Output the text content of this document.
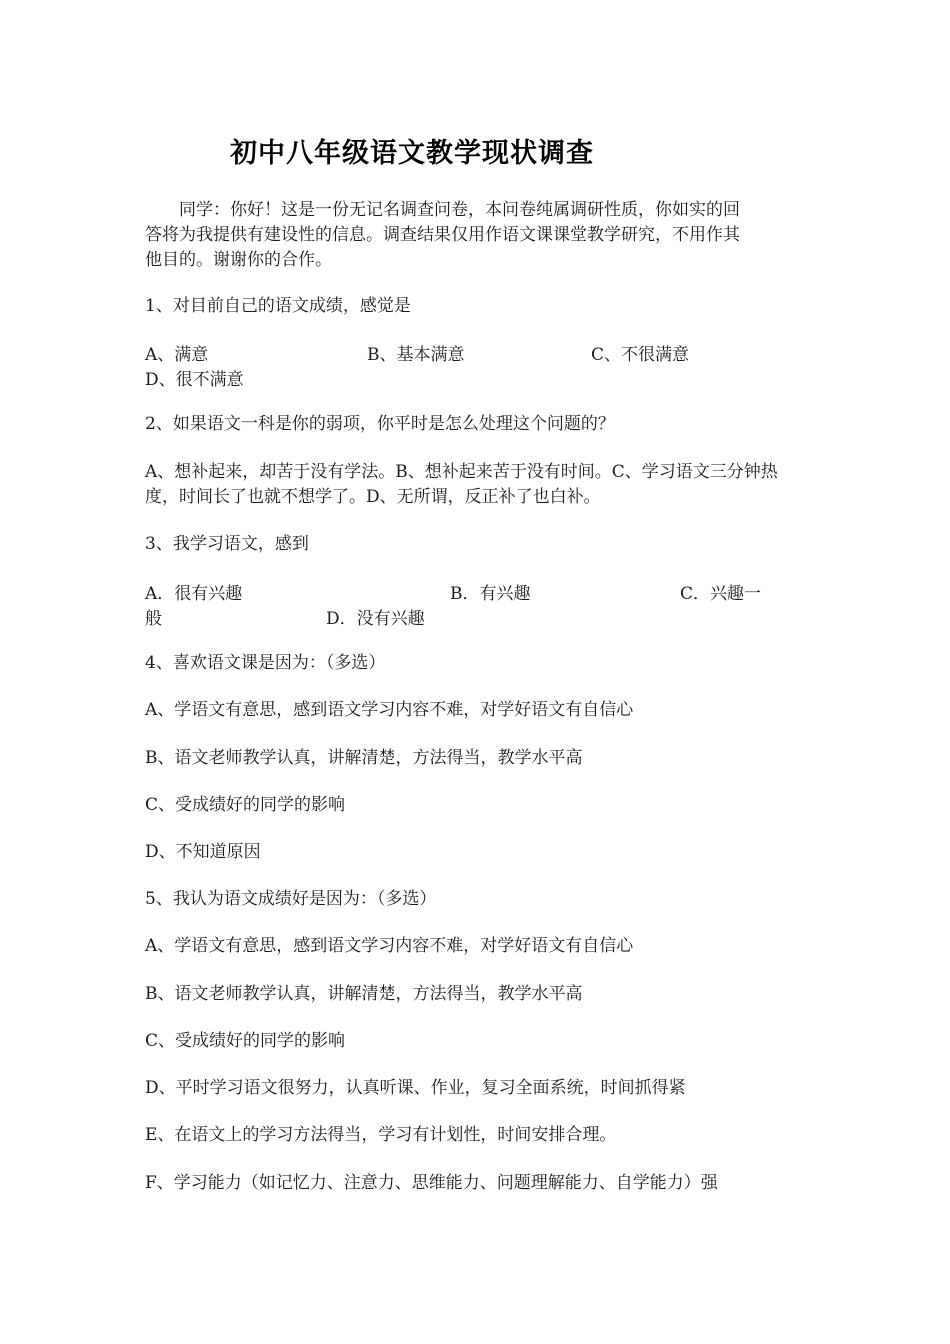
初中八年级语文教学现状调查
　　同学：你好！这是一份无记名调查问卷，本问卷纯属调研性质，你如实的回
答将为我提供有建设性的信息。调查结果仅用作语文课课堂教学研究，不用作其
他目的。谢谢你的合作。
1、对目前自己的语文成绩，感觉是
A、满意	B、基本满意	C、不很满意
D、很不满意
2、如果语文一科是你的弱项，你平时是怎么处理这个问题的？
A、想补起来，却苦于没有学法。B、想补起来苦于没有时间。C、学习语文三分钟热
度，时间长了也就不想学了。D、无所谓，反正补了也白补。
3、我学习语文，感到
A．很有兴趣	B．有兴趣	C．兴趣一
般	D．没有兴趣
4、喜欢语文课是因为：（多选）
A、学语文有意思，感到语文学习内容不难，对学好语文有自信心
B、语文老师教学认真，讲解清楚，方法得当，教学水平高
C、受成绩好的同学的影响
D、不知道原因
5、我认为语文成绩好是因为：（多选）
A、学语文有意思，感到语文学习内容不难，对学好语文有自信心
B、语文老师教学认真，讲解清楚，方法得当，教学水平高
C、受成绩好的同学的影响
D、平时学习语文很努力，认真听课、作业，复习全面系统，时间抓得紧
E、在语文上的学习方法得当，学习有计划性，时间安排合理。
F、学习能力（如记忆力、注意力、思维能力、问题理解能力、自学能力）强
